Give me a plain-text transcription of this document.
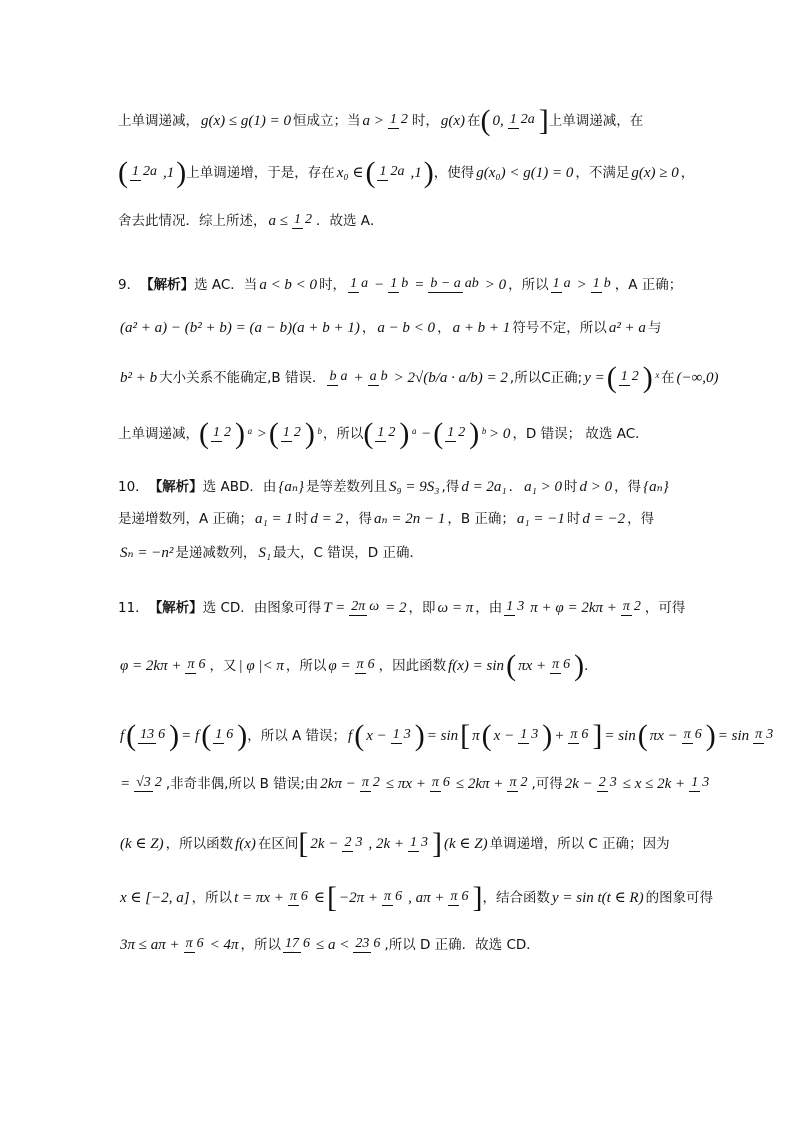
上单调递减， g(x) ≤ g(1) = 0 恒成立；当 a > 1 2 时， g(x) 在 ( 0, 1 2a ] 上单调递减，在
( 1 2a ,1 ) 上单调递增，于是，存在 x₀ ∈ ( 1 2a ,1 ) ，使得 g(x₀) < g(1) = 0 ，不满足 g(x) ≥ 0 ，
舍去此情况．综上所述， a ≤ 1 2 ．故选 A．
9． 【解析】 选 AC．当 a < b < 0 时， 1 a − 1 b = b − a ab > 0 ，所以 1 a > 1 b ，A 正确；
(a² + a) − (b² + b) = (a − b)(a + b + 1) ， a − b < 0 ， a + b + 1 符号不定，所以 a² + a 与
b² + b 大小关系不能确定,B 错误． b a + a b > 2√(b/a · a/b) = 2 ,所以C正确; y = ( 1 2 ) ˣ 在 (−∞,0)
上单调递减， ( 1 2 ) ᵃ > ( 1 2 ) ᵇ ，所以 ( 1 2 ) ᵃ − ( 1 2 ) ᵇ > 0 ，D 错误； 故选 AC．
10． 【解析】 选 ABD．由 {aₙ} 是等差数列且 S₉ = 9S₃ ,得 d = 2a₁ ． a₁ > 0 时 d > 0 ，得 {aₙ}
是递增数列，A 正确； a₁ = 1 时 d = 2 ，得 aₙ = 2n − 1 ，B 正确； a₁ = −1 时 d = −2 ，得
Sₙ = −n² 是递减数列， S₁ 最大，C 错误，D 正确．
11． 【解析】 选 CD．由图象可得 T = 2π ω = 2 ，即 ω = π ，由 1 3 π + φ = 2kπ + π 2 ，可得
φ = 2kπ + π 6 ，又 | φ |< π ，所以 φ = π 6 ，因此函数 f(x) = sin ( πx + π 6 ) ．
f ( 13 6 ) = f ( 1 6 ) ，所以 A 错误； f ( x − 1 3 ) = sin [ π ( x − 1 3 ) + π 6 ] = sin ( πx − π 6 ) = sin π 3
= √3 2 ,非奇非偶,所以 B 错误;由 2kπ − π 2 ≤ πx + π 6 ≤ 2kπ + π 2 ,可得 2k − 2 3 ≤ x ≤ 2k + 1 3
(k ∈ Z) ，所以函数 f(x) 在区间 [ 2k − 2 3 , 2k + 1 3 ] (k ∈ Z) 单调递增，所以 C 正确；因为
x ∈ [−2, a] ，所以 t = πx + π 6 ∈ [ −2π + π 6 , aπ + π 6 ] ，结合函数 y = sin t(t ∈ R) 的图象可得
3π ≤ aπ + π 6 < 4π ，所以 17 6 ≤ a < 23 6 ,所以 D 正确．故选 CD．
